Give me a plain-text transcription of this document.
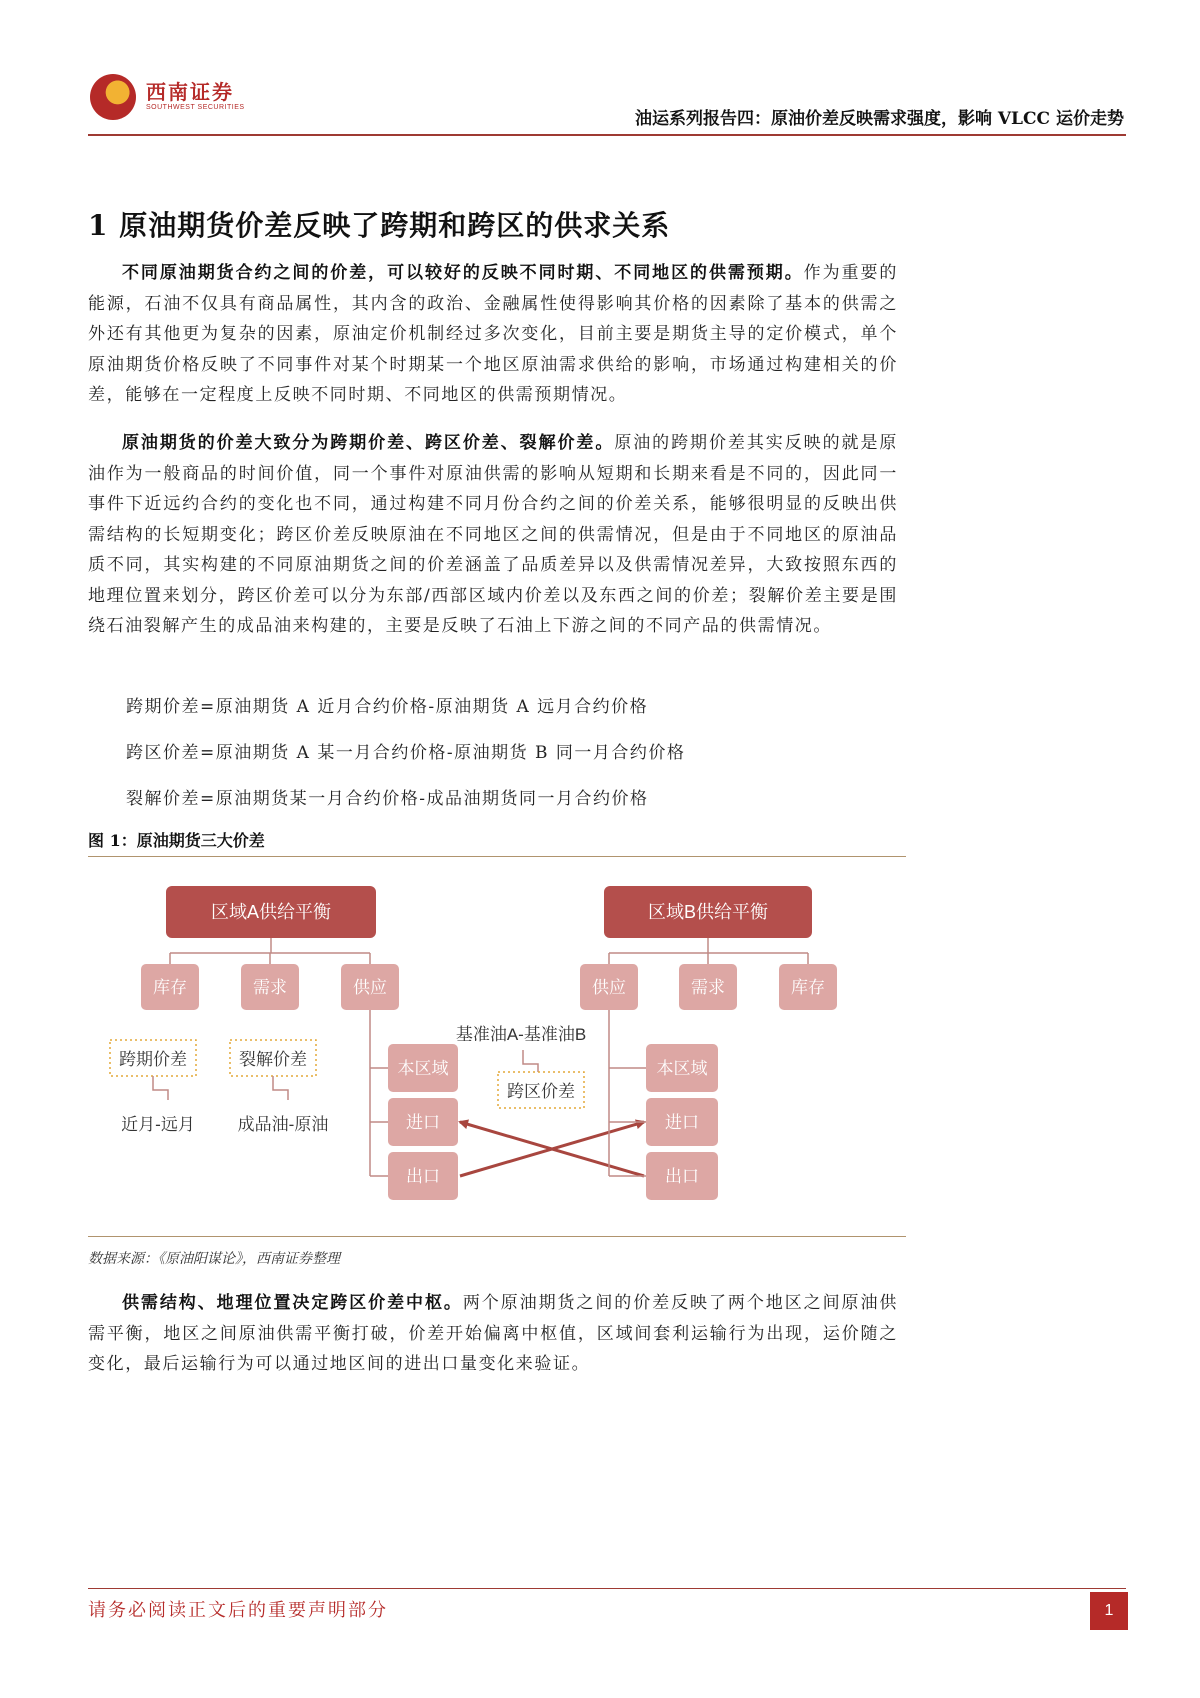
西南证券
SOUTHWEST SECURITIES
油运系列报告四：原油价差反映需求强度，影响 VLCC 运价走势
1 原油期货价差反映了跨期和跨区的供求关系
不同原油期货合约之间的价差，可以较好的反映不同时期、不同地区的供需预期。作为重要的能源，石油不仅具有商品属性，其内含的政治、金融属性使得影响其价格的因素除了基本的供需之外还有其他更为复杂的因素，原油定价机制经过多次变化，目前主要是期货主导的定价模式，单个原油期货价格反映了不同事件对某个时期某一个地区原油需求供给的影响，市场通过构建相关的价差，能够在一定程度上反映不同时期、不同地区的供需预期情况。
原油期货的价差大致分为跨期价差、跨区价差、裂解价差。原油的跨期价差其实反映的就是原油作为一般商品的时间价值，同一个事件对原油供需的影响从短期和长期来看是不同的，因此同一事件下近远约合约的变化也不同，通过构建不同月份合约之间的价差关系，能够很明显的反映出供需结构的长短期变化；跨区价差反映原油在不同地区之间的供需情况，但是由于不同地区的原油品质不同，其实构建的不同原油期货之间的价差涵盖了品质差异以及供需情况差异，大致按照东西的地理位置来划分，跨区价差可以分为东部/西部区域内价差以及东西之间的价差；裂解价差主要是围绕石油裂解产生的成品油来构建的，主要是反映了石油上下游之间的不同产品的供需情况。
跨期价差=原油期货 A 近月合约价格-原油期货 A 远月合约价格
跨区价差=原油期货 A 某一月合约价格-原油期货 B 同一月合约价格
裂解价差=原油期货某一月合约价格-成品油期货同一月合约价格
图 1：原油期货三大价差
区域A供给平衡
库存	需求	供应
本区域
进口
出口
跨期价差	裂解价差
近月-远月	成品油-原油
基准油A-基准油B
跨区价差
区域B供给平衡
供应	需求	库存
本区域
进口
出口
数据来源：《原油阳谋论》，西南证券整理
供需结构、地理位置决定跨区价差中枢。两个原油期货之间的价差反映了两个地区之间原油供需平衡，地区之间原油供需平衡打破，价差开始偏离中枢值，区域间套利运输行为出现，运价随之变化，最后运输行为可以通过地区间的进出口量变化来验证。
请务必阅读正文后的重要声明部分	1
